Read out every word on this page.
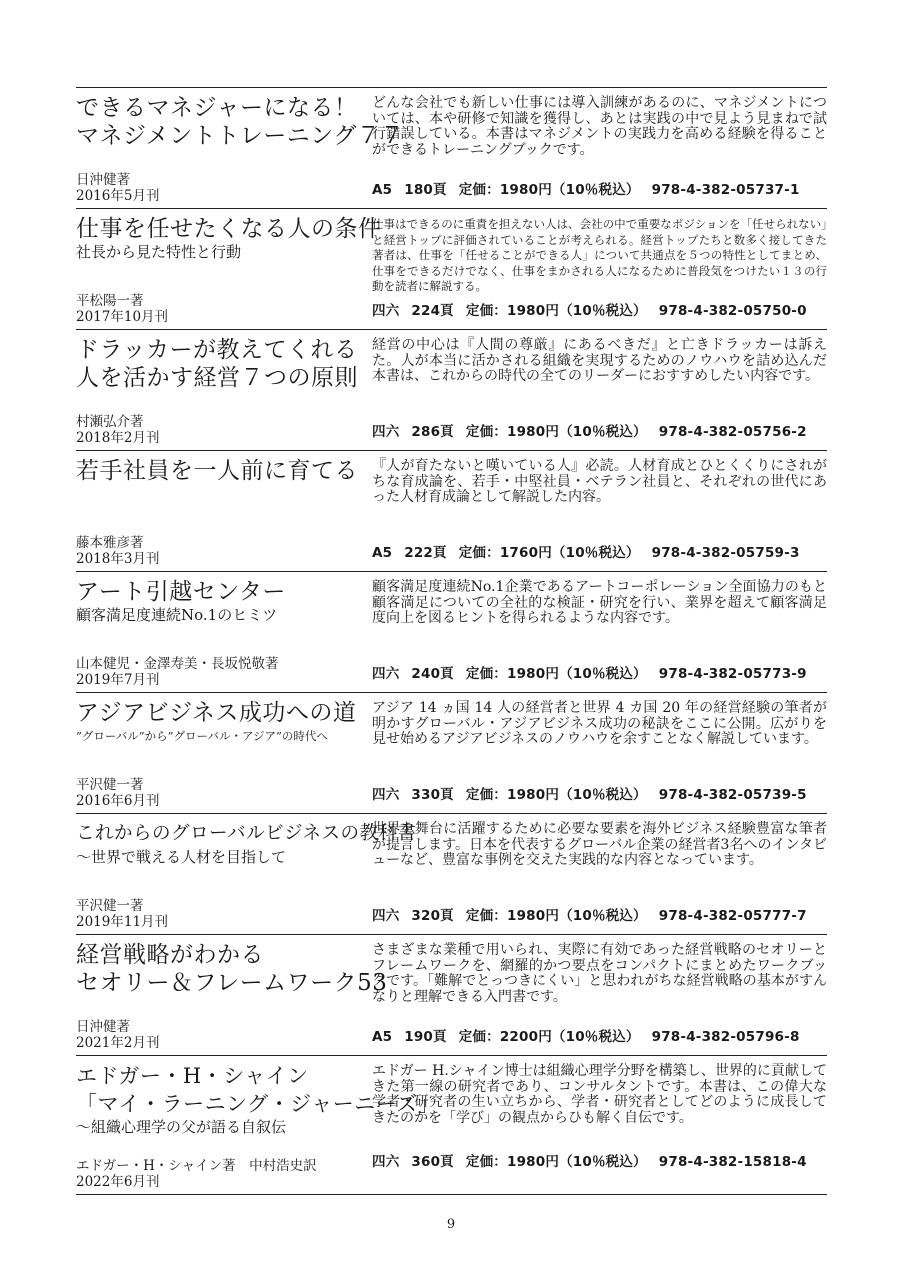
できるマネジャーになる！
マネジメントトレーニング７７
日沖健著
2016年5月刊
どんな会社でも新しい仕事には導入訓練があるのに、マネジメントについては、本や研修で知識を獲得し、あとは実践の中で見よう見まねで試行錯誤している。本書はマネジメントの実践力を高める経験を得ることができるトレーニングブックです。
A5 180頁 定価：1980円（10％税込） 978-4-382-05737-1
仕事を任せたくなる人の条件
社長から見た特性と行動
平松陽一著
2017年10月刊
仕事はできるのに重責を担えない人は、会社の中で重要なポジションを「任せられない」と経営トップに評価されていることが考えられる。経営トップたちと数多く接してきた著者は、仕事を「任せることができる人」について共通点を５つの特性としてまとめ、仕事をできるだけでなく、仕事をまかされる人になるために普段気をつけたい１３の行動を読者に解説する。
四六 224頁 定価：1980円（10％税込） 978-4-382-05750-0
ドラッカーが教えてくれる
人を活かす経営７つの原則
村瀬弘介著
2018年2月刊
経営の中心は『人間の尊厳』にあるべきだ』と亡きドラッカーは訴えた。人が本当に活かされる組織を実現するためのノウハウを詰め込んだ本書は、これからの時代の全てのリーダーにおすすめしたい内容です。
四六 286頁 定価：1980円（10％税込） 978-4-382-05756-2
若手社員を一人前に育てる
藤本雅彦著
2018年3月刊
『人が育たないと嘆いている人』必読。人材育成とひとくくりにされがちな育成論を、若手・中堅社員・ベテラン社員と、それぞれの世代にあった人材育成論として解説した内容。
A5 222頁 定価：1760円（10％税込） 978-4-382-05759-3
アート引越センター
顧客満足度連続No.1のヒミツ
山本健児・金澤寿美・長坂悦敬著
2019年7月刊
顧客満足度連続No.1企業であるアートコーポレーション全面協力のもと顧客満足についての全社的な検証・研究を行い、業界を超えて顧客満足度向上を図るヒントを得られるような内容です。
四六 240頁 定価：1980円（10％税込） 978-4-382-05773-9
アジアビジネス成功への道
”グローバル”から”グローバル・アジア”の時代へ
平沢健一著
2016年6月刊
アジア 14 ヵ国 14 人の経営者と世界 4 カ国 20 年の経営経験の筆者が明かすグローバル・アジアビジネス成功の秘訣をここに公開。広がりを見せ始めるアジアビジネスのノウハウを余すことなく解説しています。
四六 330頁 定価：1980円（10％税込） 978-4-382-05739-5
これからのグローバルビジネスの教科書
～世界で戦える人材を目指して
平沢健一著
2019年11月刊
世界を舞台に活躍するために必要な要素を海外ビジネス経験豊富な筆者が提言します。日本を代表するグローバル企業の経営者3名へのインタビューなど、豊富な事例を交えた実践的な内容となっています。
四六 320頁 定価：1980円（10％税込） 978-4-382-05777-7
経営戦略がわかる
セオリー＆フレームワーク53
日沖健著
2021年2月刊
さまざまな業種で用いられ、実際に有効であった経営戦略のセオリーとフレームワークを、網羅的かつ要点をコンパクトにまとめたワークブックです。「難解でとっつきにくい」と思われがちな経営戦略の基本がすんなりと理解できる入門書です。
A5 190頁 定価：2200円（10％税込） 978-4-382-05796-8
エドガー・H・シャイン
「マイ・ラーニング・ジャーニーズ」
～組織心理学の父が語る自叙伝
エドガー・H・シャイン著　中村浩史訳
2022年6月刊
エドガー H.シャイン博士は組織心理学分野を構築し、世界的に貢献してきた第一線の研究者であり、コンサルタントです。本書は、この偉大な学者・研究者の生い立ちから、学者・研究者としてどのように成長してきたのかを「学び」の観点からひも解く自伝です。
四六 360頁 定価：1980円（10％税込） 978-4-382-15818-4
9
